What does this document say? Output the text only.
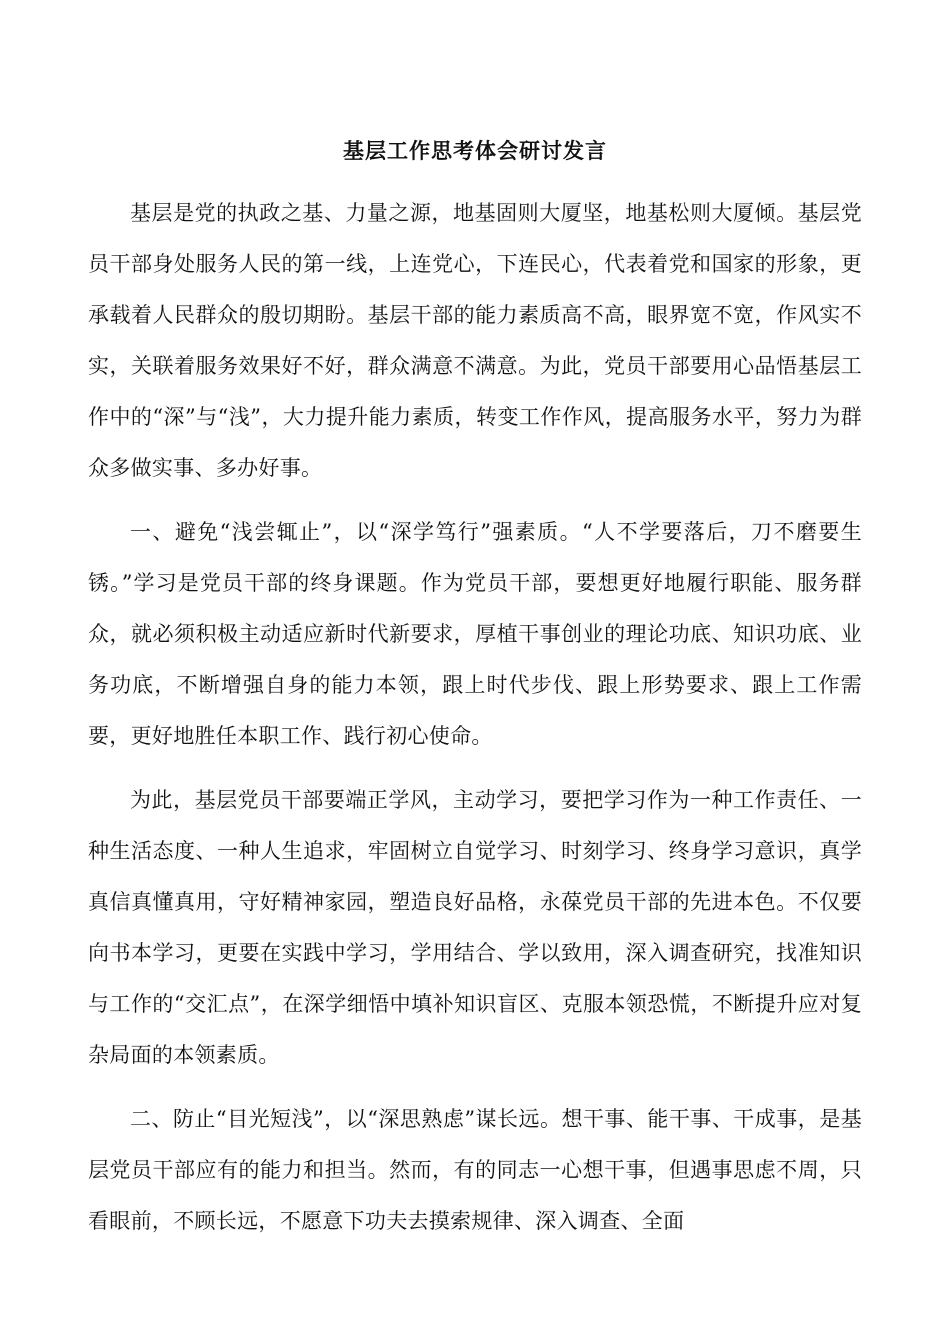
基层工作思考体会研讨发言

基层是党的执政之基、力量之源，地基固则大厦坚，地基松则大厦倾。基层党员干部身处服务人民的第一线，上连党心，下连民心，代表着党和国家的形象，更承载着人民群众的殷切期盼。基层干部的能力素质高不高，眼界宽不宽，作风实不实，关联着服务效果好不好，群众满意不满意。为此，党员干部要用心品悟基层工作中的“深”与“浅”，大力提升能力素质，转变工作作风，提高服务水平，努力为群众多做实事、多办好事。

一、避免“浅尝辄止”，以“深学笃行”强素质。“人不学要落后，刀不磨要生锈。”学习是党员干部的终身课题。作为党员干部，要想更好地履行职能、服务群众，就必须积极主动适应新时代新要求，厚植干事创业的理论功底、知识功底、业务功底，不断增强自身的能力本领，跟上时代步伐、跟上形势要求、跟上工作需要，更好地胜任本职工作、践行初心使命。

为此，基层党员干部要端正学风，主动学习，要把学习作为一种工作责任、一种生活态度、一种人生追求，牢固树立自觉学习、时刻学习、终身学习意识，真学真信真懂真用，守好精神家园，塑造良好品格，永葆党员干部的先进本色。不仅要向书本学习，更要在实践中学习，学用结合、学以致用，深入调查研究，找准知识与工作的“交汇点”，在深学细悟中填补知识盲区、克服本领恐慌，不断提升应对复杂局面的本领素质。

二、防止“目光短浅”，以“深思熟虑”谋长远。想干事、能干事、干成事，是基层党员干部应有的能力和担当。然而，有的同志一心想干事，但遇事思虑不周，只看眼前，不顾长远，不愿意下功夫去摸索规律、深入调查、全面
